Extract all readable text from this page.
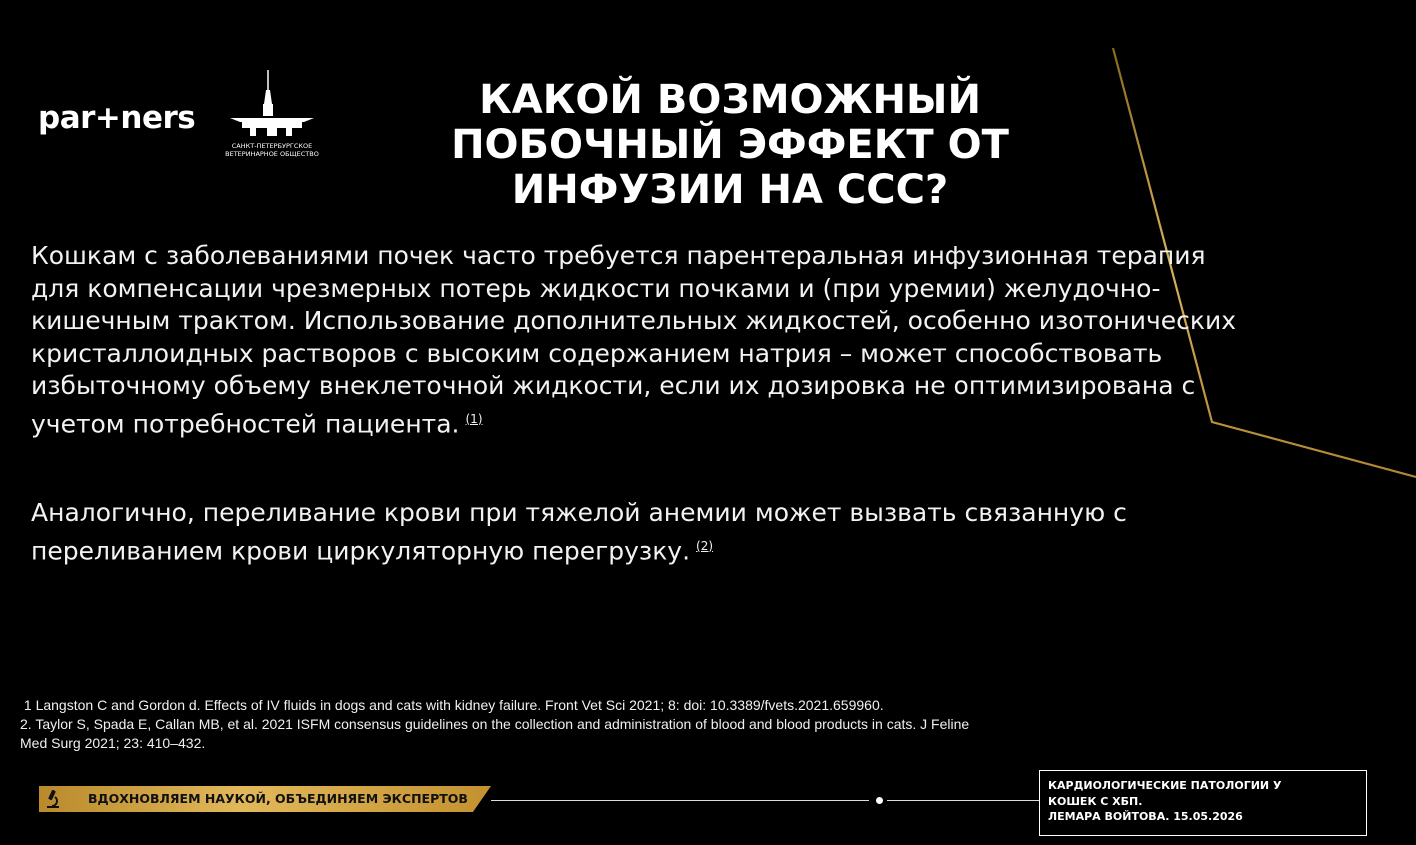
par+ners
САНКТ-ПЕТЕРБУРГСКОЕ ВЕТЕРИНАРНОЕ ОБЩЕСТВО
КАКОЙ ВОЗМОЖНЫЙ
ПОБОЧНЫЙ ЭФФЕКТ ОТ
ИНФУЗИИ НА ССС?
Кошкам с заболеваниями почек часто требуется парентеральная инфузионная терапия
для компенсации чрезмерных потерь жидкости почками и (при уремии) желудочно-
кишечным трактом. Использование дополнительных жидкостей, особенно изотонических
кристаллоидных растворов с высоким содержанием натрия – может способствовать
избыточному объему внеклеточной жидкости, если их дозировка не оптимизирована с
учетом потребностей пациента. $^{(1)}$
Аналогично, переливание крови при тяжелой анемии может вызвать связанную с
переливанием крови циркуляторную перегрузку. $^{(2)}$
1 Langston C and Gordon d. Effects of IV fluids in dogs and cats with kidney failure. Front Vet Sci 2021; 8: doi: 10.3389/fvets.2021.659960.
2. Taylor S, Spada E, Callan MB, et al. 2021 ISFM consensus guidelines on the collection and administration of blood and blood products in cats. J Feline
Med Surg 2021; 23: 410–432.
ВДОХНОВЛЯЕМ НАУКОЙ, ОБЪЕДИНЯЕМ ЭКСПЕРТОВ
КАРДИОЛОГИЧЕСКИЕ ПАТОЛОГИИ У
КОШЕК С ХБП.
ЛЕМАРА ВОЙТОВА. 15.05.2026
